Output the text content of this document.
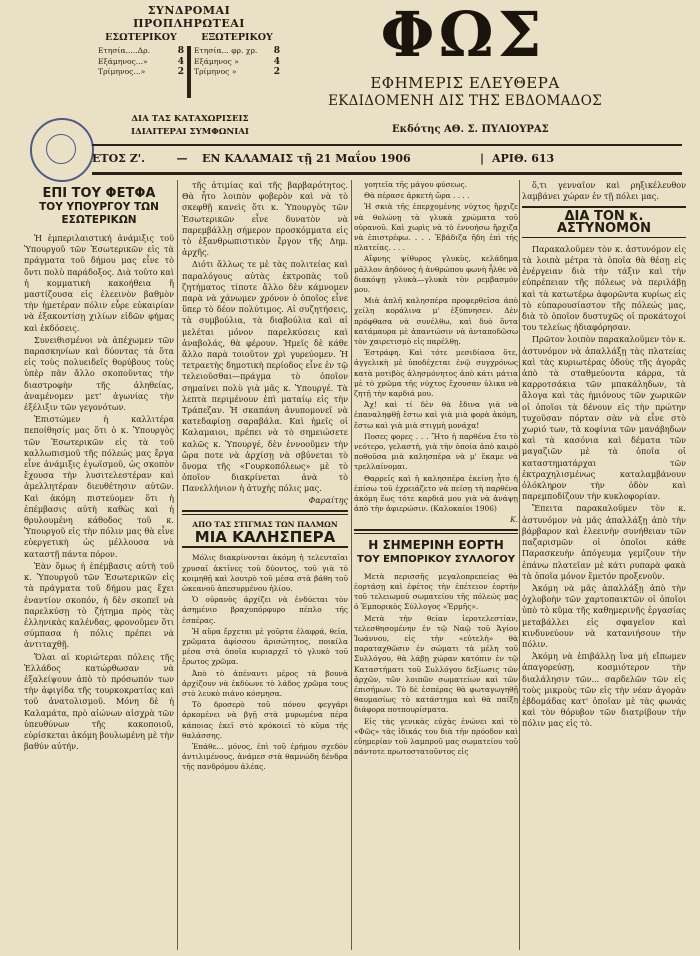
ΣΥΝΔΡΟΜΑΙ ΠΡΟΠΛΗΡΩΤΕΑΙ
ΕΣΩΤΕΡΙΚΟΥ
Ετησία.....Δρ.	8
Εξάμηνος...»	4
Τρίμηνος...»	2
ΕΞΩΤΕΡΙΚΟΥ
Ετησία... φρ. χρ. 8
Εξάμηνος »	4
Τρίμηνος »	2
ΔΙΑ ΤΑΣ ΚΑΤΑΧΩΡΙΣΕΙΣ
ΙΔΙΑΙΤΕΡΑΙ ΣΥΜΦΩΝΙΑΙ
ΦΩΣ
ΕΦΗΜΕΡΙΣ ΕΛΕΥΘΕΡΑ
ΕΚΔΙΔΟΜΕΝΗ ΔΙΣ ΤΗΣ ΕΒΔΟΜΑΔΟΣ
Εκδότης ΑΘ. Σ. ΠΥΛΙΟΥΡΑΣ
ΕΤΟΣ Ζ'.	—	ΕΝ ΚΑΛΑΜΑΙΣ τῇ 21 Μαΐου 1906	| ΑΡΙΘ. 613
ΕΠΙ ΤΟΥ ΦΕΤΦΑ
ΤΟΥ ΥΠΟΥΡΓΟΥ ΤΩΝ ΕΣΩΤΕΡΙΚΩΝ

Ἡ ἐμπεριλαιστική ἀνάμιξις τοῦ Ὑπουργοῦ τῶν Ἐσωτερικῶν εἰς τὰ πράγματα τοῦ δήμου μας εἶνε τὸ ὄντι πολὺ παράδοξος. Διὰ τοῦτο καὶ ἡ κομματικὴ κακοήθεια ἤ μαστίζουσα εἰς ἐλεεινὸν βαθμὸν τὴν ἡμετέραν πόλιν εὗρε εὐκαιρίαν νὰ ἐξακοντίσῃ χιλίων εἰδῶν φήμας καὶ ἐκδόσεις.

Συνειθισμένοι νὰ ἀπέχωμεν τῶν παρασκηνίων καὶ δύοντας τὰ ὅτα εἰς τοὺς πολυειδεῖς θορύβους τοὺς ὑπὲρ πᾶν ἄλλο σκοποῦντας τὴν διαστροφὴν τῆς ἀληθείας, ἀναμένομεν μετ' ἀγωνίας τὴν ἐξέλιξιν τῶν γεγονότων.

Ἐπιστώμεν ἡ καλλιτέρα πεποίθησίς μας ὅτι ὁ κ. Ὑπουργὸς τῶν Ἐσωτερικῶν εἰς τὰ τοῦ καλλωπισμοῦ τῆς πόλεώς μας ἔργα εἶνε ἀνάμιξις ἐγωϊσμοῦ, ὡς σκοπὸν ἔχουσα τὴν λυσιτελεστέραν καὶ ἀμελλητέραν διευθέτησιν αὐτῶν. Καὶ ἀκόμη πιστεύομεν ὅτι ἡ ἐπέμβασις αὐτὴ καθὼς καὶ ἡ θρυλουμένη κάθοδος τοῦ κ. Ὑπουργοῦ εἰς τὴν πόλιν μας θὰ εἶνε εὐεργετικὴ ὡς μέλλουσα νὰ καταστῇ πάντα πόρον.

Ἐὰν ὅμως ἡ ἐπέμβασις αὐτὴ τοῦ κ. Ὑπουργοῦ τῶν Ἐσωτερικῶν εἰς τὰ πράγματα τοῦ δήμου μας ἔχει ἐναντίον σκοπόν, ἡ δὲν σκοπεῖ νὰ παρελκύσῃ τὸ ζήτημα πρὸς τὰς ἑλληνικὰς καλένδας, φρονοῦμεν ὅτι σύμπασα ἡ πόλις πρέπει νὰ ἀντιταχθῇ.

Ὅλαι αἱ κυριώτεραι πόλεις τῆς Ἑλλάδος κατώρθωσαν νὰ ἐξαλείψουν ἀπὸ τὸ πρόσωπόν των τὴν ἀφιγίδα τῆς τουρκοκρατίας καὶ τοῦ ἀνατολισμοῦ. Μόνη δὲ ἡ Καλαμάτα, πρὸ αἰώνων αἰσχρὰ τῶν ὑπευθύνων τῆς κακοποιοῦ, εὑρίσκεται ἀκόμη βουλωμένη μὲ τὴν βαθύν αὐτήν.

τῆς ἀτιμίας καὶ τῆς βαρβαρότητος. Θὰ ἦτο λοιπὸν φοβερὸν καὶ νὰ τὸ σκεφθῇ κανεὶς ὅτι κ. Ὑπουργὸς τῶν Ἐσωτερικῶν εἶνε δυνατὸν νὰ παρεμβάλλῃ σήμερον προσκόμματα εἰς τὸ ἐξανθρωπιστικὸν ἔργον τῆς Δημ. ἀρχῆς.

Διότι ἄλλως τε μὲ τὰς πολιτείας καὶ παραλόγους αὐτὰς ἐκτροπὰς τοῦ ζητήματος τίποτε ἄλλο δὲν κάμνομεν παρὰ νὰ χάνωμεν χρόνον ὁ ὁποῖος εἶνε ὕπερ τὸ δέον πολύτιμος. Αἱ συζητήσεις, τὰ συμβούλια, τὰ διαβούλια καὶ αἱ μελέται μόνον παρελκύσεις καὶ ἀναβολάς, θὰ φέρουν. Ἡμεῖς δὲ κάθε ἄλλο παρὰ τοιοῦτον χρὶ γυρεύομεν. Ἡ τετραετὴς δημοτικὴ περίοδος εἶνε ἐν τῷ τελειοῦσθαι—πράγμα τὸ ὁποῖον σημαίνει πολὺ γιὰ μᾶς κ. Ὑπουργέ. Τὰ λεπτὰ περιμένουν ἐπὶ ματαίῳ εἰς τὴν Τράπεζαν. Ἡ σκαπάνη ἀνυπομονεῖ νὰ κατεδαφίσῃ σαραβάλα. Καὶ ἡμεῖς οἱ Καλαμαιοι, πρέπει νὰ τὸ σημειώσετε καλῶς κ. Ὑπουργέ, δὲν ἐννοοῦμεν τὴν ὥρα ποτε νὰ ἀρχίσῃ νὰ σβύνεται τὸ ὄνομα τῆς «Γουρκοπόλεως» μὲ τὸ ὁποῖον διακρίνεται ἀνὰ τὸ Πανελλήνιον ἡ ἀτυχὴς πόλις μας.

Φαραίτης
ΑΠΟ ΤΑΣ ΣΤΙΓΜΑΣ ΤΩΝ ΠΑΛΜΩΝ
ΜΙΑ ΚΑΛΗΣΠΕΡΑ

Μόλις διακρίνονται ἀκόμη ἡ τελευταῖαι χρυσαῖ ἀκτῖνες τοῦ δύοντος, τοῦ γιὰ τὸ κοιμηθῇ καὶ λουτρὸ τοῦ μέσα στὰ βάθη τοῦ ὠκεανοῦ ἀπεσυρμένου ἡλίου.

Ὁ οὐρανὸς ἀρχίζει νὰ ἐνδύεται τὸν ἀσημένιο βραχυπόρφυρο πέπλο τῆς ἑσπέρας.

Ἡ αὔρα ἔρχεται μὲ γοῦρτα ἐλαφρά, θεῖα, χρῶματα ἀφίσσου ἀρισώτητος, ποικίλα μέσα στὰ ὁποῖα κυριαρχεῖ τὸ γλυκὸ τοῦ ἔρωτος χρῶμα.

Ἀπὸ τὸ ἀπέναντι μέρος τὰ βουνὰ ἀρχίζουν νὰ ἐκδύωνε τὸ λάδος χρῶμα τους στὸ λευκὸ πιάνο κόσμησα.

Τὸ δροσερὸ τοῦ πόνου φεγγάρι ἀρκομένει νὰ βγῇ στὰ μυρωμένα πέρα κάποιας ἐκεῖ στὸ κρόκοιεῖ τὸ κῦμα τῆς θαλάσσης.

Ἐπάθε... μόνος, ἐπὶ τοῦ ἐρήμου σχεδὸν ἀντιλιμένους, ἀνάμεσ στὰ θαμνώδη δένδρα τῆς πανδρόμου ἀλέας.

γοητεῖα τῆς μάγου φύσεως.

Θὰ πέρασε ἀρκετὴ ὥρα . . . .

Ἡ σκιὰ τῆς ἐπερχομένης νύχτος ἤρχιζε νὰ θολώνῃ τὰ γλυκὰ χρώματα τοῦ οὐρανοῦ. Καὶ χωρὶς νὰ τὸ ἐννοήσω ἤρχιζα νὰ ἐπιστρέφω. . . . Ἐβάδιζα ἤδη ἐπὶ τῆς πλατείας. . . .

Αἴφνης ψίθυρος γλυκὺς, κελάδημα μᾶλλον ἀηδόνος ἡ ἀνθρώπου φωνὴ ἦλθε νὰ διακόψῃ γλυκὰ—γλυκὰ τὸν ρεμβασμόν μου.

Μιὰ ἁπλῆ καλησπέρα προφερθεῖσα ἀπὸ χείλη κοράλινα μ' ἐξύπνησεν. Δὲν πρόφθασα νὰ συνέλθω, καὶ δυὸ ὄντα κατάμαυρα μὲ ἀπαντώσιν νὰ ἀνταποδῶσω τὸν χαιρετισμὸ εἰς παρέλθῃ.

Ἐστράφη. Καὶ τότε μεσιδίασα ὅτε, ἀγγελικὴ μὲ ὑποδέχεται ἐνῷ συγχρόνως κατὰ μοτιβὸς ἀλησμόνητος ἀπὸ κάτι μάτια μὲ τὸ χρῶμα τῆς νύχτος ἔχουσαν ὑλικα νὰ ζητῇ τὴν καρδιά μου.

Ἀχ! καὶ τί δὲν θὰ ἔδινα γιὰ νὰ ἐπαναληφθῇ ἔστω καὶ γιὰ μιὰ φορὰ ἀκόμη, ἔστω καὶ γιὰ μιὰ στιγμὴ μονάχα!

Ποσες φορες . . . Ἤτο ἡ παρθένα ἔτο τὸ νεότερο, γελαστὴ, γιὰ τὴν ὁποία ἀπὸ καιρὸ ποθοῦσα μιὰ καλησπέρα νὰ μ' ἔκαμε νὰ τρελλαίνομαι.

Θαρρεῖς καὶ ἡ καλησπέρα ἐκείνη ἦτο ἡ ἐπίσω τοῦ ἐχρειάζετο νὰ πείσῃ τὴ παρθένα ἀκόμη ἕως τότε καρδιά μου γιὰ νὰ ἀνάψῃ ἀπὸ τὴν ἀφιερώσιν. (Καλοκαίοι 1906)

Κ.
Η ΣΗΜΕΡΙΝΗ ΕΟΡΤΗ
ΤΟΥ ΕΜΠΟΡΙΚΟΥ ΣΥΛΛΟΓΟΥ

Μετὰ περισσῆς μεγαλοπρεπείας θὰ ἑορτάσῃ καὶ ἐφέτος τὴν ἐπέτειον ἑορτὴν τοῦ τελειωμοῦ σωματείου τῆς πόλεώς μας ὁ Ἐμπορικὸς Σύλλογος «Ἑρμῆς».

Μετὰ τὴν θείαν ἱεροτελεστίαν, τελεσθησομένην ἐν τῷ Ναῷ τοῦ Ἁγίου Ἰωάννου, εἰς τὴν «εὐτελὴ» θὰ παραταχθῶσιν ἐν σώματι τὰ μέλη τοῦ Συλλόγου, θὰ λάβῃ χώραν κατόπιν ἐν τῷ Καταστήματι τοῦ Συλλόγου δεξίωσις τῶν ἀρχῶν, τῶν λοιπῶν σωματείων καὶ τῶν ἐπισήμων. Τὸ δὲ ἑσπέρας θὰ φωταγωγηθῇ θαυμασίως τὸ κατάστημα καὶ θὰ παίξῃ διάφορα ποτπουρίσματα.

Εἰς τὰς γενικὰς εὐχὰς ἑνώνει καὶ τὸ «Φῶς» τὰς ἰδικάς του διὰ τὴν πρόοδον καὶ εὐημερίαν τοῦ λαμπροῦ μας σωματείου τοῦ πάντοτε πρωτοστατοῦντος εἰς

ὅ,τι γενναῖον καὶ ρηξικέλευθον λαμβάνει χώραν ἐν τῇ πόλει μας.

ΔΙΑ ΤΟΝ κ. ΑΣΤΥΝΟΜΟΝ

Παρακαλοῦμεν τὸν κ. ἀστυνόμον εἰς τὰ λοιπὰ μέτρα τὰ ὁποῖα θὰ θέσῃ εἰς ἐνέργειαν διὰ τὴν τάξιν καὶ τὴν εὐπρέπειαν τῆς πόλεως νὰ περιλάβῃ καὶ τὰ κατωτέρω ἀφορῶντα κυρίως εἰς τὸ εὐπαρουσίαστον τῆς πόλεώς μας, διὰ τὸ ὁποῖον δυστυχῶς οἱ προκάτοχοί του τελείως ἠδιαφόρησαν.

Πρῶτον λοιπὸν παρακαλοῦμεν τὸν κ. ἀστυνόμον νὰ ἀπαλλάξῃ τὰς πλατείας καὶ τὰς κυριωτέρας ὁδοὺς τῆς ἀγορᾶς ἀπὸ τὰ σταθμεύοντα κάρρα, τὰ καρροτσάκια τῶν μπακάληδων, τὰ ἄλογα καὶ τὰς ἡμιόνους τῶν χωρικῶν οἱ ὁποῖοι τὰ δένουν εἰς τὴν πρώτην τυχοῦσαν πόρταν σὰν νὰ εἶνε στὸ χωριό των, τὰ κοφίνια τῶν μανάβηδων καὶ τὰ κασόνια καὶ δέματα τῶν μαγαζιῶν μὲ τὰ ὁποῖα οἱ καταστηματάρχαι τῶν ἐκτραχηλισμένως καταλαμβάνουν ὁλόκληρον τὴν ὁδὸν καὶ παρεμποδίζουν τὴν κυκλοφορίαν.

Ἔπειτα παρακαλοῦμεν τὸν κ. ἀστυνόμον νὰ μᾶς ἀπαλλάξῃ ἀπὸ τὴν βάρβαρον καὶ ἐλεεινὴν συνήθειαν τῶν παζαρισμῶν οἱ ὁποῖοι κάθε Παρασκευὴν ἀπόγευμα γεμίζουν τὴν ἐπάνω πλατεῖαν μὲ κάτι ρυπαρὰ φακὰ τὰ ὁποῖα μόνον ἔμετόν προξενοῦν.

Ἀκόμη νὰ μᾶς ἀπαλλάξῃ ἀπὸ τὴν ὀχλοβοὴν τῶν χαρτοπαικτῶν οἱ ὁποῖοι ὑπὸ τὸ κῦμα τῆς καθημερινῆς ἐργασίας μεταβάλλει εἰς σφαγεῖον καὶ κινδυνεύουν νὰ κατανιήσουν τὴν πόλιν.

Ἀκόμη νὰ ἐπιβάλλῃ ἵνα μὴ εἴπωμεν ἀπαγορεύσῃ, κοσμιότερον τὴν διαλάλησιν τῶν... σαρδελῶν τῶν εἰς τοὺς μικροὺς τῶν εἰς τὴν νέαν ἀγορὰν ἑβδομάδας κατ' ὁποῖαν μὲ τὰς φωνάς καὶ τὸν θόρυβον τῶν διατρίβουν τὴν πόλιν μας εἰς τὸ.
